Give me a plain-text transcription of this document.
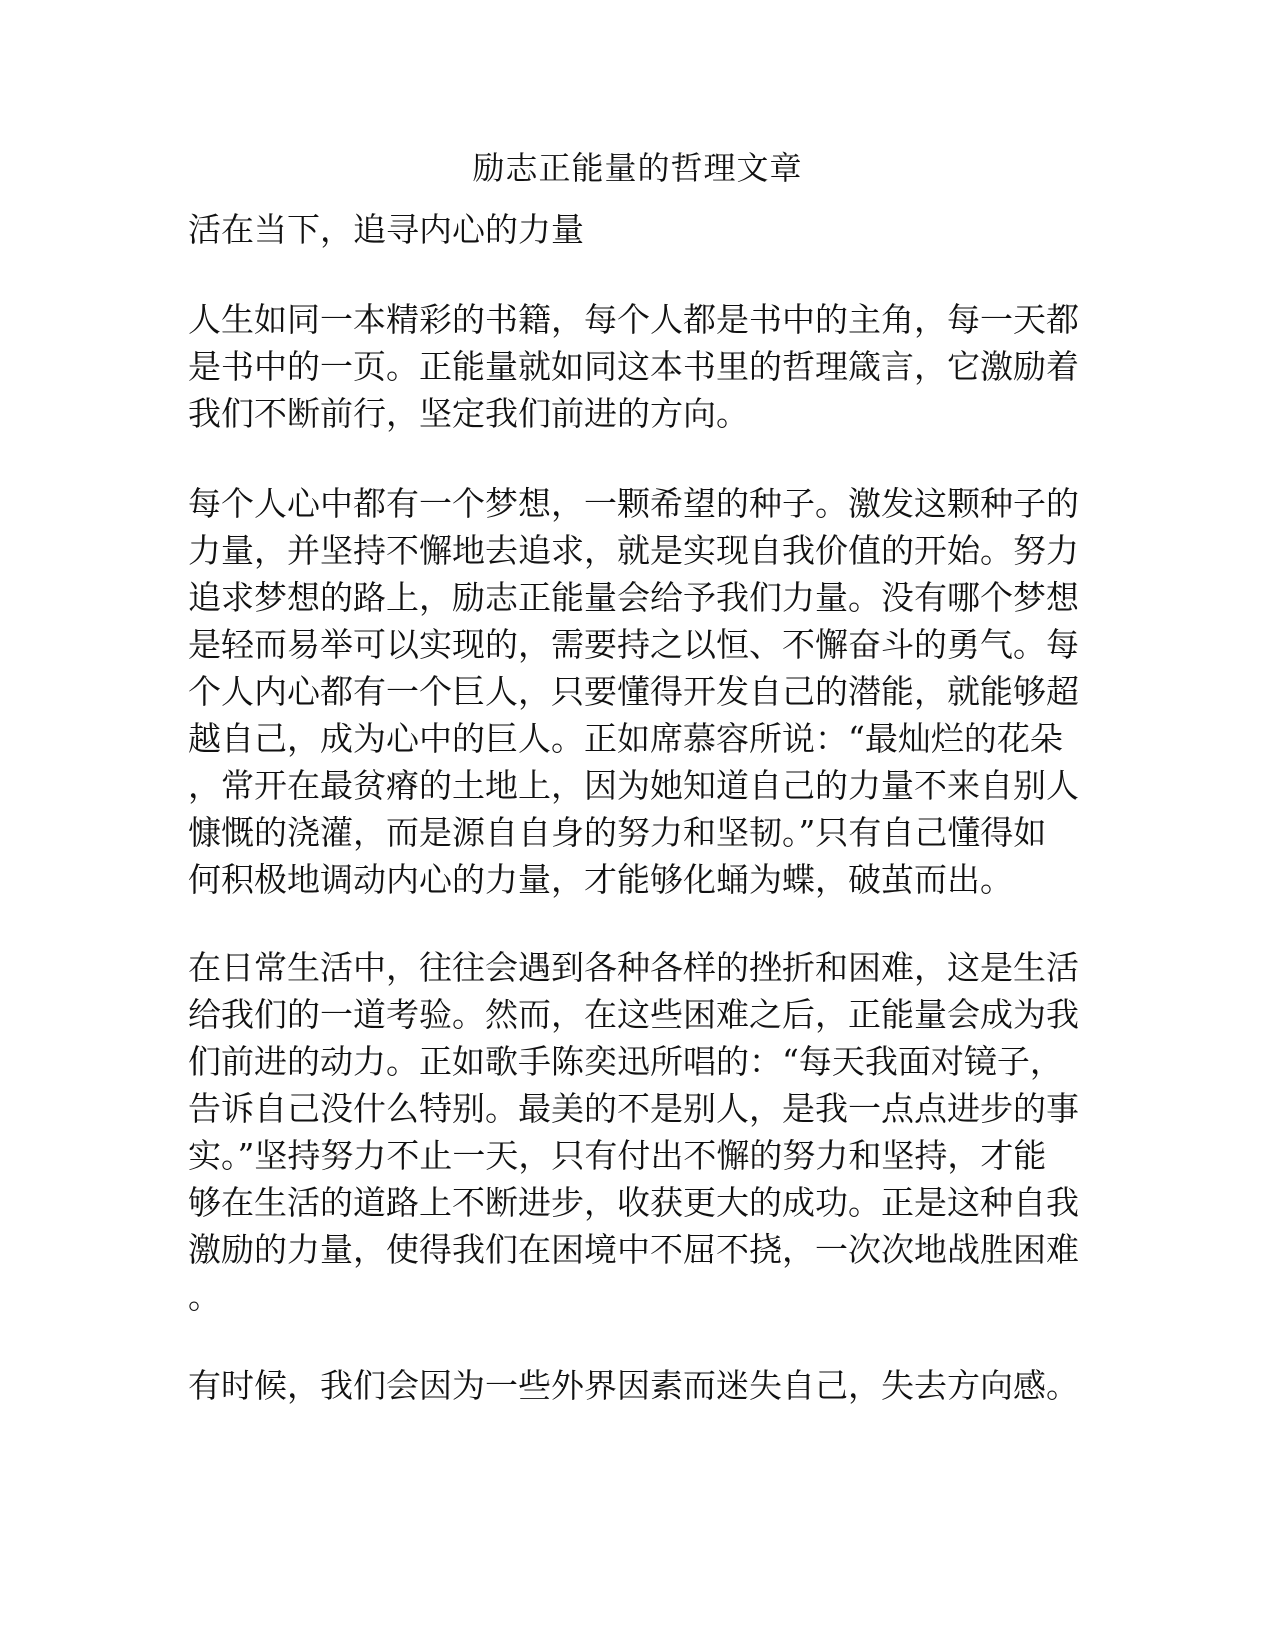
励志正能量的哲理文章
活在当下，追寻内心的力量
人生如同一本精彩的书籍，每个人都是书中的主角，每一天都
是书中的一页。正能量就如同这本书里的哲理箴言，它激励着
我们不断前行，坚定我们前进的方向。
每个人心中都有一个梦想，一颗希望的种子。激发这颗种子的
力量，并坚持不懈地去追求，就是实现自我价值的开始。努力
追求梦想的路上，励志正能量会给予我们力量。没有哪个梦想
是轻而易举可以实现的，需要持之以恒、不懈奋斗的勇气。每
个人内心都有一个巨人，只要懂得开发自己的潜能，就能够超
越自己，成为心中的巨人。正如席慕容所说：“最灿烂的花朵
，常开在最贫瘠的土地上，因为她知道自己的力量不来自别人
慷慨的浇灌，而是源自自身的努力和坚韧。”只有自己懂得如
何积极地调动内心的力量，才能够化蛹为蝶，破茧而出。
在日常生活中，往往会遇到各种各样的挫折和困难，这是生活
给我们的一道考验。然而，在这些困难之后，正能量会成为我
们前进的动力。正如歌手陈奕迅所唱的：“每天我面对镜子，
告诉自己没什么特别。最美的不是别人，是我一点点进步的事
实。”坚持努力不止一天，只有付出不懈的努力和坚持，才能
够在生活的道路上不断进步，收获更大的成功。正是这种自我
激励的力量，使得我们在困境中不屈不挠，一次次地战胜困难
。
有时候，我们会因为一些外界因素而迷失自己，失去方向感。
